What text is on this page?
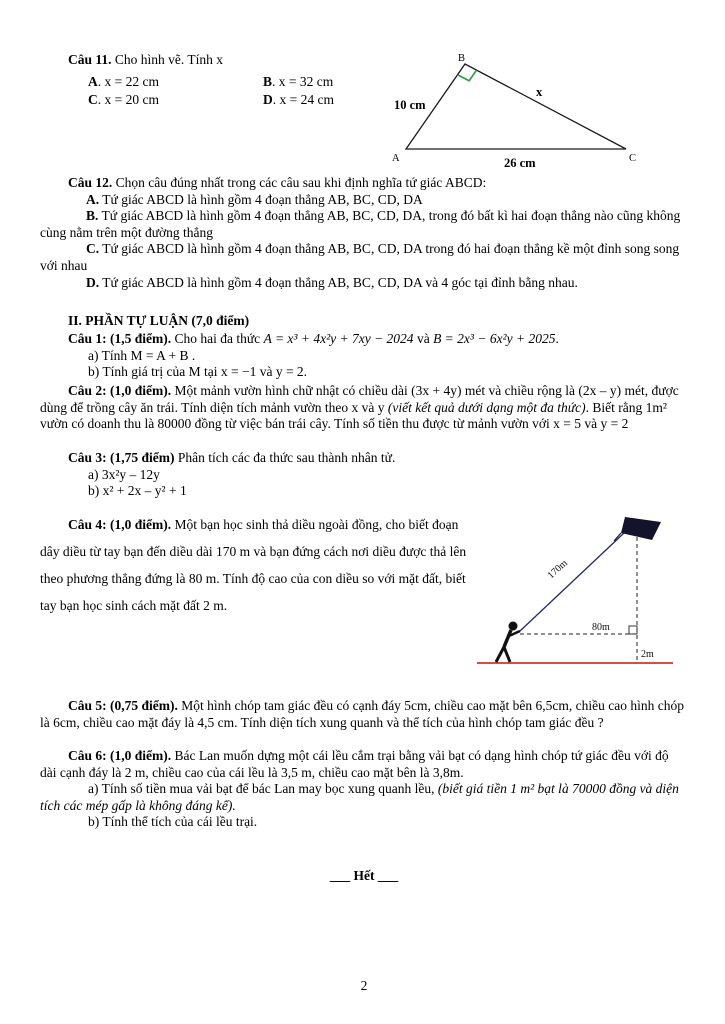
B
A	C
10 cm
x
26 cm

Câu 11. Cho hình vẽ. Tính x

A. x = 22 cm	B. x = 32 cm

C. x = 20 cm	D. x = 24 cm

Câu 12. Chọn câu đúng nhất trong các câu sau khi định nghĩa tứ giác ABCD:

A. Tứ giác ABCD là hình gồm 4 đoạn thẳng AB, BC, CD, DA

B. Tứ giác ABCD là hình gồm 4 đoạn thẳng AB, BC, CD, DA, trong đó bất kì hai đoạn thẳng nào cũng không cùng nằm trên một đường thẳng

C. Tứ giác ABCD là hình gồm 4 đoạn thẳng AB, BC, CD, DA trong đó hai đoạn thẳng kề một đỉnh song song với nhau

D. Tứ giác ABCD là hình gồm 4 đoạn thẳng AB, BC, CD, DA và 4 góc tại đỉnh bằng nhau.

II. PHẦN TỰ LUẬN (7,0 điểm)

Câu 1: (1,5 điểm). Cho hai đa thức A = x³ + 4x²y + 7xy − 2024 và B = 2x³ − 6x²y + 2025.

a) Tính M = A + B .

b) Tính giá trị của M tại x = −1 và y = 2.

Câu 2: (1,0 điểm). Một mảnh vườn hình chữ nhật có chiều dài (3x + 4y) mét và chiều rộng là (2x – y) mét, được dùng để trồng cây ăn trái. Tính diện tích mảnh vườn theo x và y (viết kết quả dưới dạng một đa thức). Biết rằng 1m² vườn có doanh thu là 80000 đồng từ việc bán trái cây. Tính số tiền thu được từ mảnh vườn với x = 5 và y = 2

Câu 3: (1,75 điểm) Phân tích các đa thức sau thành nhân tử.

a) 3x²y – 12y

b) x² + 2x – y² + 1

170m
80m
2m

Câu 4: (1,0 điểm). Một bạn học sinh thả diều ngoài đồng, cho biết đoạn dây diều từ tay bạn đến diều dài 170 m và bạn đứng cách nơi diều được thả lên theo phương thẳng đứng là 80 m. Tính độ cao của con diều so với mặt đất, biết tay bạn học sinh cách mặt đất 2 m.

Câu 5: (0,75 điểm). Một hình chóp tam giác đều có cạnh đáy 5cm, chiều cao mặt bên 6,5cm, chiều cao hình chóp là 6cm, chiều cao mặt đáy là 4,5 cm. Tính diện tích xung quanh và thể tích của hình chóp tam giác đều ?

Câu 6: (1,0 điểm). Bác Lan muốn dựng một cái lều cắm trại bằng vải bạt có dạng hình chóp tứ giác đều với độ dài cạnh đáy là 2 m, chiều cao của cái lều là 3,5 m, chiều cao mặt bên là 3,8m.

a) Tính số tiền mua vải bạt để bác Lan may bọc xung quanh lều, (biết giá tiền 1 m² bạt là 70000 đồng và diện tích các mép gấp là không đáng kể).

b) Tính thể tích của cái lều trại.

___ Hết ___

2
